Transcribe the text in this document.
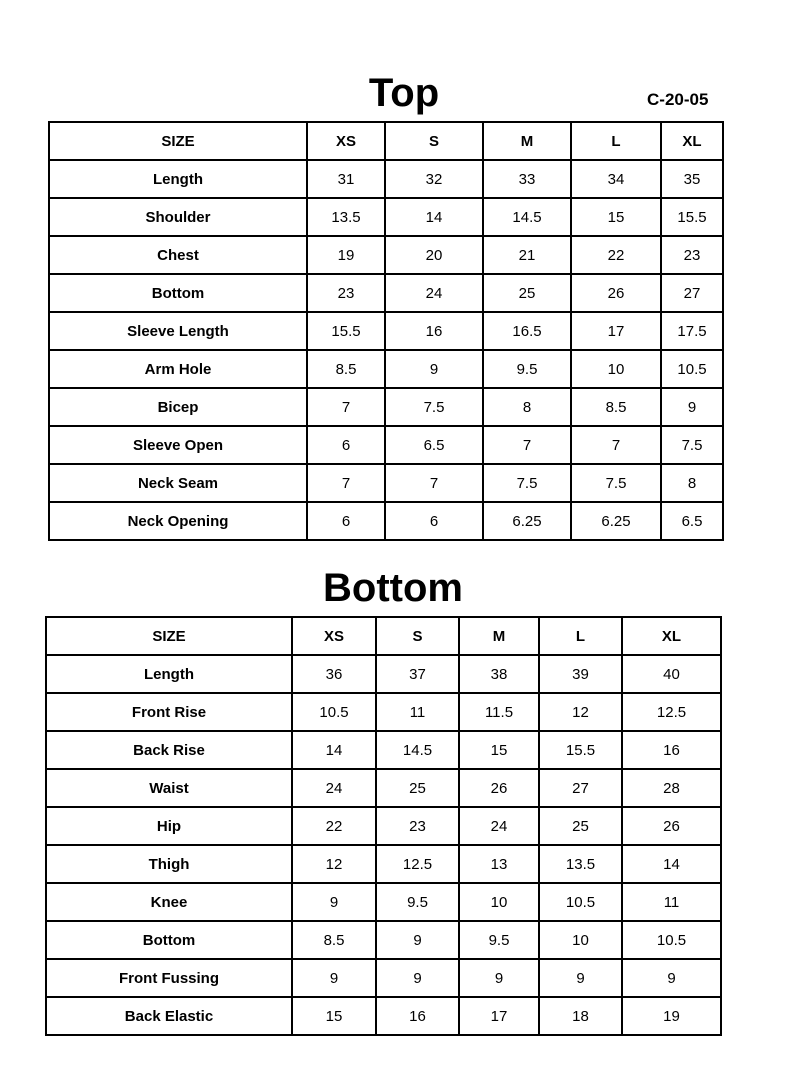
Top	C-20-05
SIZE	XS	S	M	L	XL
Length	31	32	33	34	35
Shoulder	13.5	14	14.5	15	15.5
Chest	19	20	21	22	23
Bottom	23	24	25	26	27
Sleeve Length	15.5	16	16.5	17	17.5
Arm Hole	8.5	9	9.5	10	10.5
Bicep	7	7.5	8	8.5	9
Sleeve Open	6	6.5	7	7	7.5
Neck Seam	7	7	7.5	7.5	8
Neck Opening	6	6	6.25	6.25	6.5
Bottom
SIZE	XS	S	M	L	XL
Length	36	37	38	39	40
Front Rise	10.5	11	11.5	12	12.5
Back Rise	14	14.5	15	15.5	16
Waist	24	25	26	27	28
Hip	22	23	24	25	26
Thigh	12	12.5	13	13.5	14
Knee	9	9.5	10	10.5	11
Bottom	8.5	9	9.5	10	10.5
Front Fussing	9	9	9	9	9
Back Elastic	15	16	17	18	19
